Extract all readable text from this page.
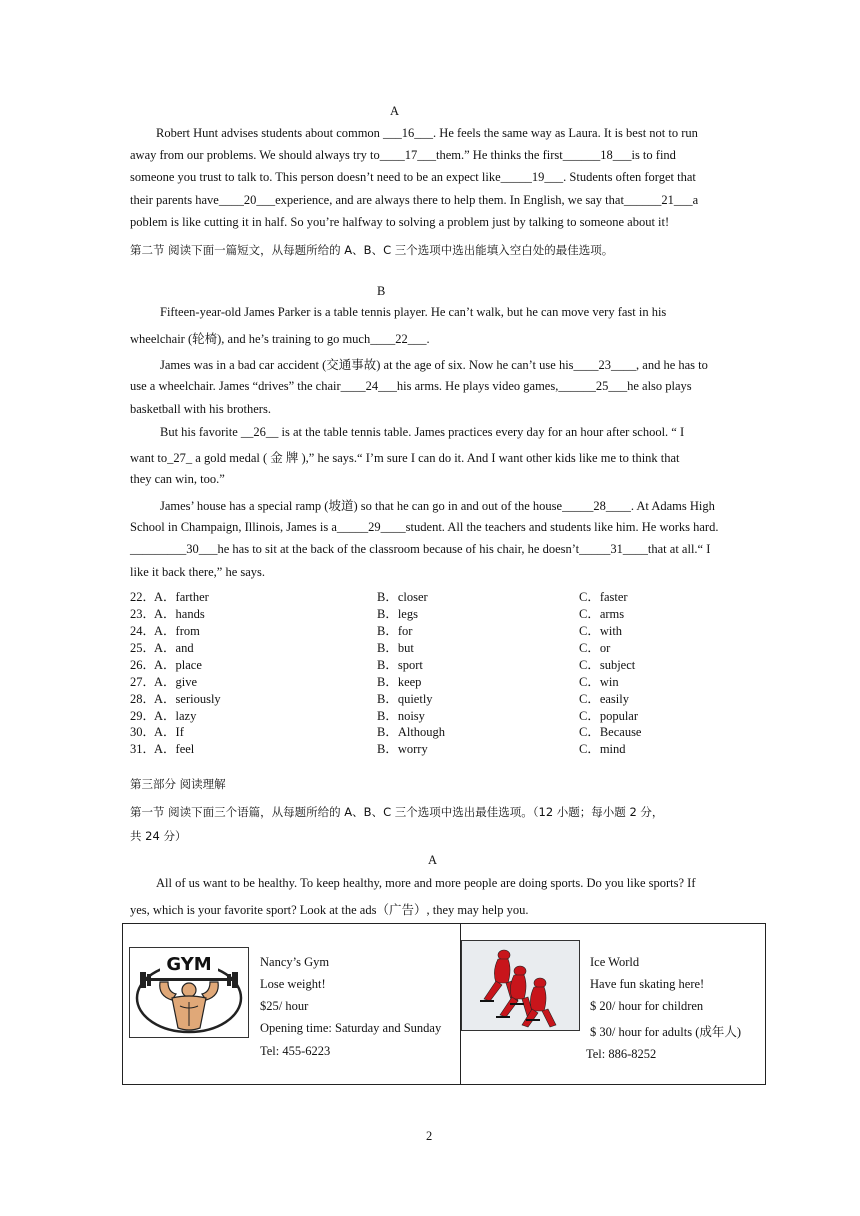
A
Robert Hunt advises students about common ___16___. He feels the same way as Laura. It is best not to run
away from our problems. We should always try to____17___them.” He thinks the first______18___is to find
someone you trust to talk to. This person doesn’t need to be an expect like_____19___. Students often forget that
their parents have____20___experience, and are always there to help them. In English, we say that______21___a
poblem is like cutting it in half. So you’re halfway to solving a problem just by talking to someone about it!
第二节 阅读下面一篇短文，从每题所给的 A、B、C 三个选项中选出能填入空白处的最佳选项。
B
Fifteen-year-old James Parker is a table tennis player. He can’t walk, but he can move very fast in his
wheelchair (轮椅), and he’s training to go much____22___.
James was in a bad car accident (交通事故) at the age of six. Now he can’t use his____23____, and he has to
use a wheelchair. James “drives” the chair____24___his arms. He plays video games,______25___he also plays
basketball with his brothers.
But his favorite __26__ is at the table tennis table. James practices every day for an hour after school. “ I
want to_27_ a gold medal ( 金 牌 ),” he says.“ I’m sure I can do it. And I want other kids like me to think that
they can win, too.”
James’ house has a special ramp (坡道) so that he can go in and out of the house_____28____. At Adams High
School in Champaign, Illinois, James is a_____29____student. All the teachers and students like him. He works hard.
_________30___he has to sit at the back of the classroom because of his chair, he doesn’t_____31____that at all.“ I
like it back there,” he says.
22．
A．farther	B．closer	C．faster
23．
A．hands	B．legs	C．arms
24．
A．from	B．for	C．with
25．
A．and	B．but	C．or
26．
A．place	B．sport	C．subject
27．
A．give	B．keep	C．win
28．
A．seriously	B．quietly	C．easily
29．
A．lazy	B．noisy	C．popular
30．
A．If	B．Although	C．Because
31．
A．feel	B．worry	C．mind
第三部分 阅读理解
第一节 阅读下面三个语篇，从每题所给的 A、B、C 三个选项中选出最佳选项。（12 小题；每小题 2 分，
共 24 分）
A
All of us want to be healthy. To keep healthy, more and more people are doing sports. Do you like sports? If
yes, which is your favorite sport? Look at the ads（广告）, they may help you.
GYM	Nancy’s Gym
Lose weight!
$25/ hour
Opening time: Saturday and Sunday
Tel: 455-6223
Ice World
Have fun skating here!
$ 20/ hour for children
$ 30/ hour for adults (成年人)
Tel: 886-8252
2
